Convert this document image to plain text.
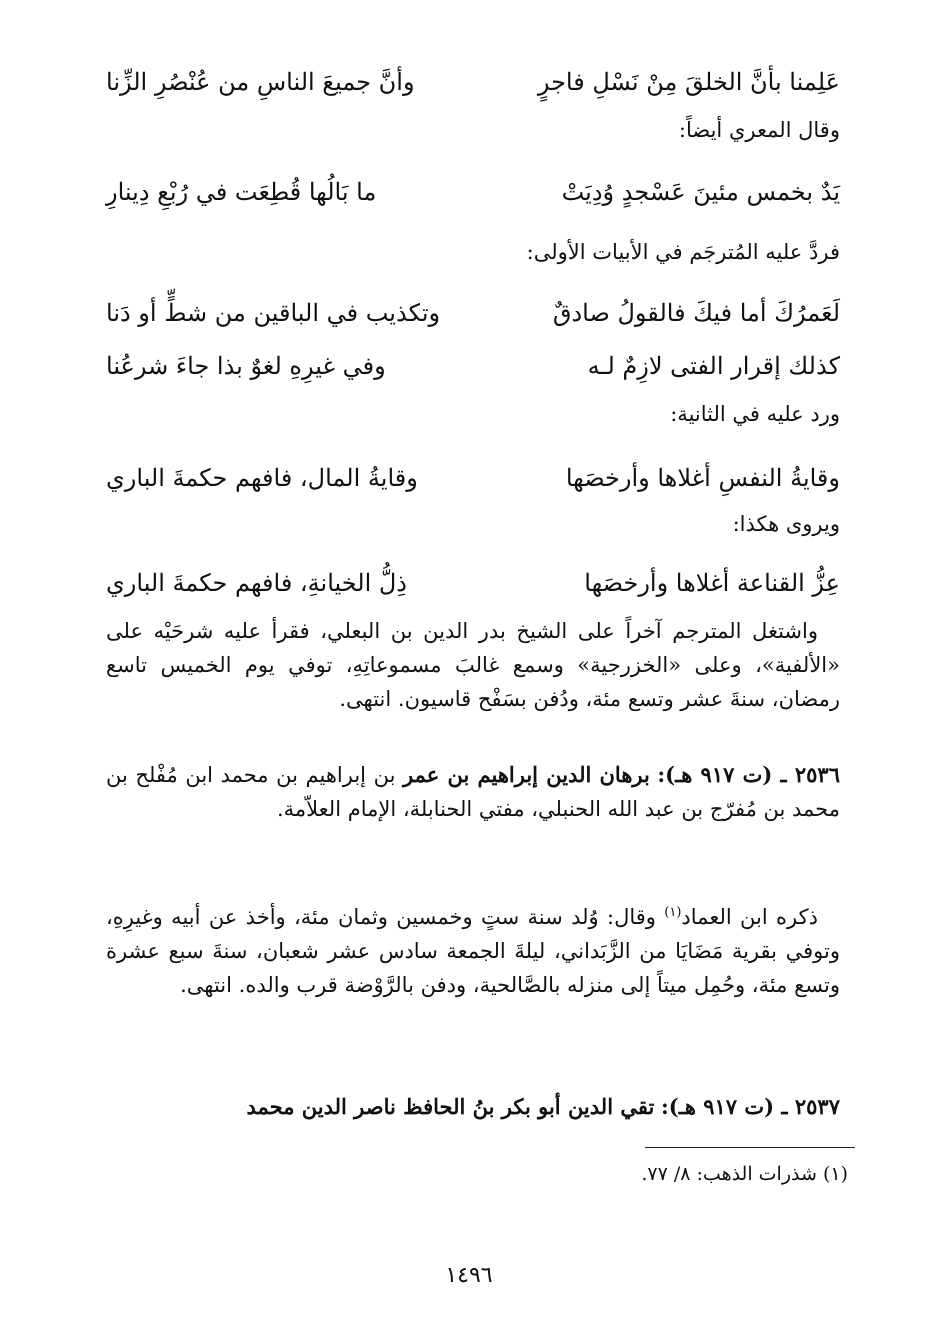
عَلِمنا بأنَّ الخلقَ مِنْ نَسْلِ فاجرٍ
وأنَّ جميعَ الناسِ من عُنْصُرِ الزِّنا
وقال المعري أيضاً:
يَدٌ بخمس مئينَ عَسْجدٍ وُدِيَتْ
ما بَالُها قُطِعَت في رُبْعِ دِينارِ
فردَّ عليه المُترجَم في الأبيات الأولى:
لَعَمرُكَ أما فيكَ فالقولُ صادقٌ
وتكذيب في الباقين من شطٍّ أو دَنا
كذلك إقرار الفتى لازِمٌ لـه
وفي غيرِهِ لغوٌ بذا جاءَ شرعُنا
ورد عليه في الثانية:
وقايةُ النفسِ أغلاها وأرخصَها
وقايةُ المال، فافهم حكمةَ الباري
ويروى هكذا:
عِزُّ القناعة أغلاها وأرخصَها
ذِلُّ الخيانةِ، فافهم حكمةَ الباري
واشتغل المترجم آخراً على الشيخ بدر الدين بن البعلي، فقرأ عليه شرحَيْه على «الألفية»، وعلى «الخزرجية» وسمع غالبَ مسموعاتِهِ، توفي يوم الخميس تاسع رمضان، سنةَ عشر وتسع مئة، ودُفن بسَفْح قاسيون. انتهى.
٢٥٣٦ ـ (ت ٩١٧ هـ): برهان الدين إبراهيم بن عمر بن إبراهيم بن محمد ابن مُفْلح بن محمد بن مُفرّج بن عبد الله الحنبلي، مفتي الحنابلة، الإمام العلاّمة.
ذكره ابن العماد$^{(١)}$ وقال: وُلد سنة ستٍ وخمسين وثمان مئة، وأخذ عن أبيه وغيرِهِ، وتوفي بقرية مَضَايَا من الزَّبَداني، ليلةَ الجمعة سادس عشر شعبان، سنةَ سبع عشرة وتسع مئة، وحُمِل ميتاً إلى منزله بالصَّالحية، ودفن بالرَّوْضة قرب والده. انتهى.
٢٥٣٧ ـ (ت ٩١٧ هـ): تقي الدين أبو بكر بنُ الحافظ ناصر الدين محمد
(١) شذرات الذهب: ٨/ ٧٧.
١٤٩٦
